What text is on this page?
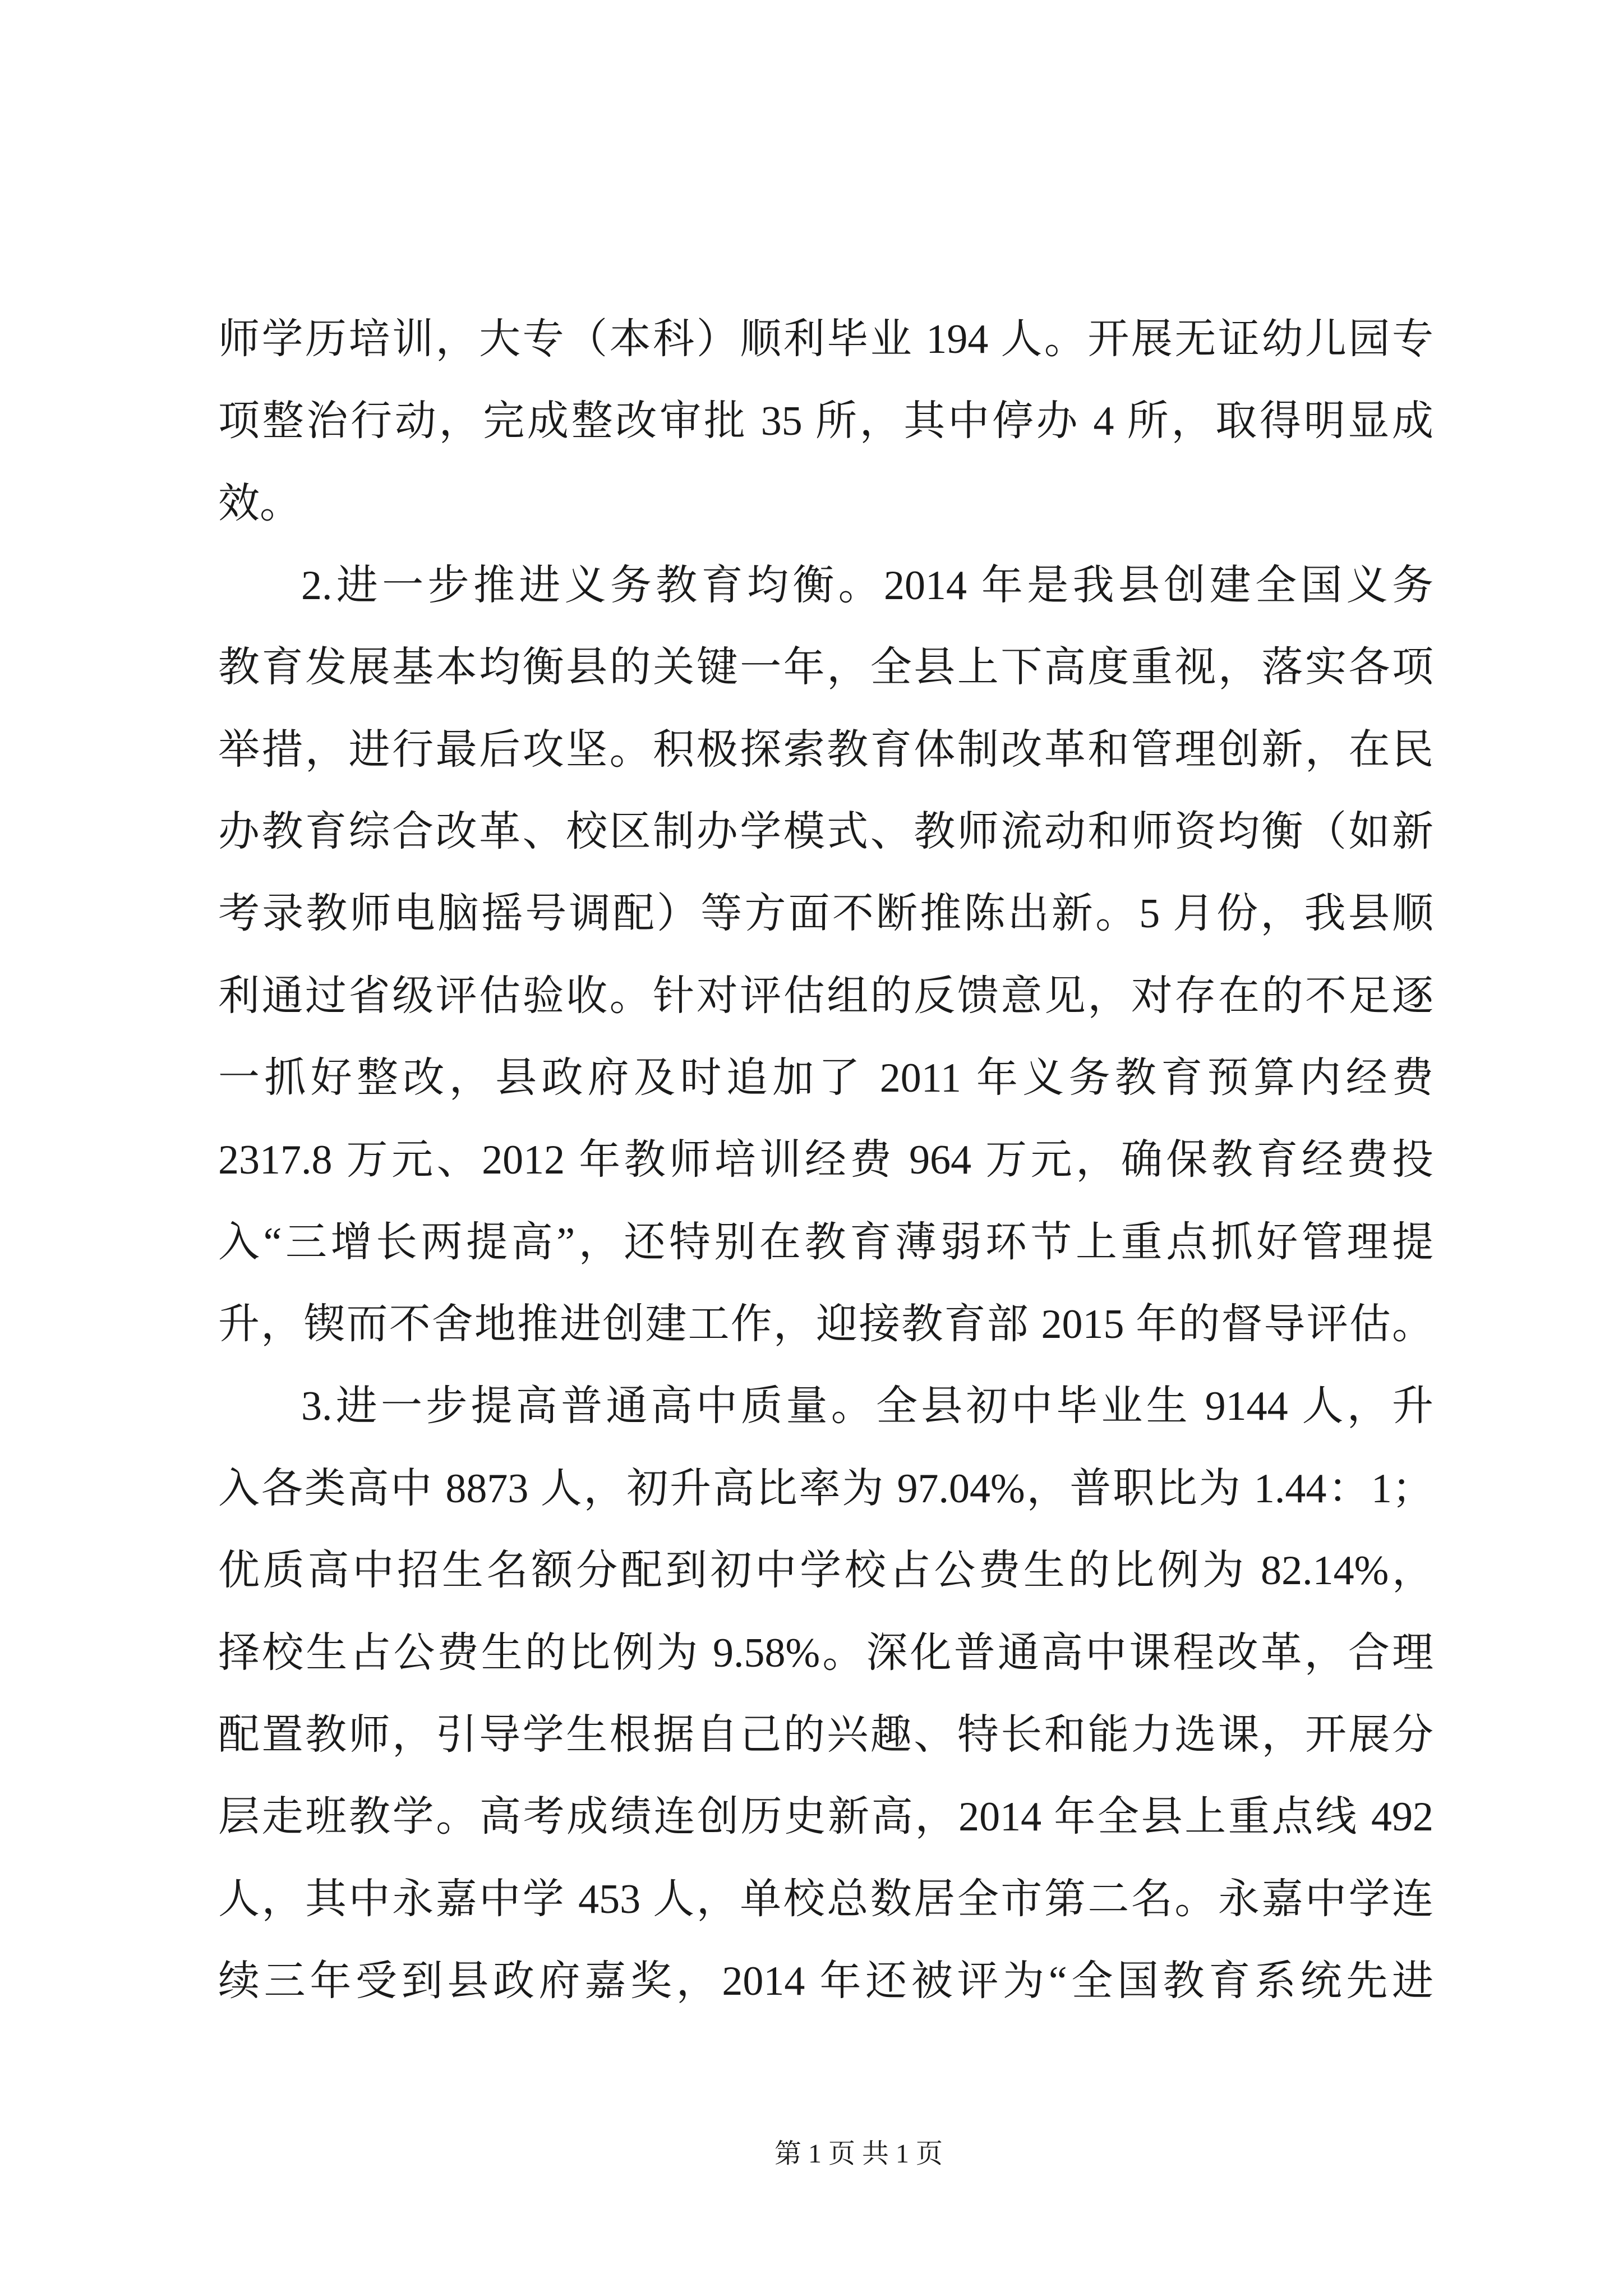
师学历培训，大专（本科）顺利毕业 194 人。开展无证幼儿园专
项整治行动，完成整改审批 35 所，其中停办 4 所，取得明显成
效。
2.进一步推进义务教育均衡。2014 年是我县创建全国义务
教育发展基本均衡县的关键一年，全县上下高度重视，落实各项
举措，进行最后攻坚。积极探索教育体制改革和管理创新，在民
办教育综合改革、校区制办学模式、教师流动和师资均衡（如新
考录教师电脑摇号调配）等方面不断推陈出新。5 月份，我县顺
利通过省级评估验收。针对评估组的反馈意见，对存在的不足逐
一抓好整改，县政府及时追加了 2011 年义务教育预算内经费
2317.8 万元、2012 年教师培训经费 964 万元，确保教育经费投
入“三增长两提高”，还特别在教育薄弱环节上重点抓好管理提
升，锲而不舍地推进创建工作，迎接教育部 2015 年的督导评估。
3.进一步提高普通高中质量。全县初中毕业生 9144 人，升
入各类高中 8873 人，初升高比率为 97.04%，普职比为 1.44：1；
优质高中招生名额分配到初中学校占公费生的比例为 82.14%，
择校生占公费生的比例为 9.58%。深化普通高中课程改革，合理
配置教师，引导学生根据自己的兴趣、特长和能力选课，开展分
层走班教学。高考成绩连创历史新高，2014 年全县上重点线 492
人，其中永嘉中学 453 人，单校总数居全市第二名。永嘉中学连
续三年受到县政府嘉奖，2014 年还被评为“全国教育系统先进
第 1 页 共 1 页
